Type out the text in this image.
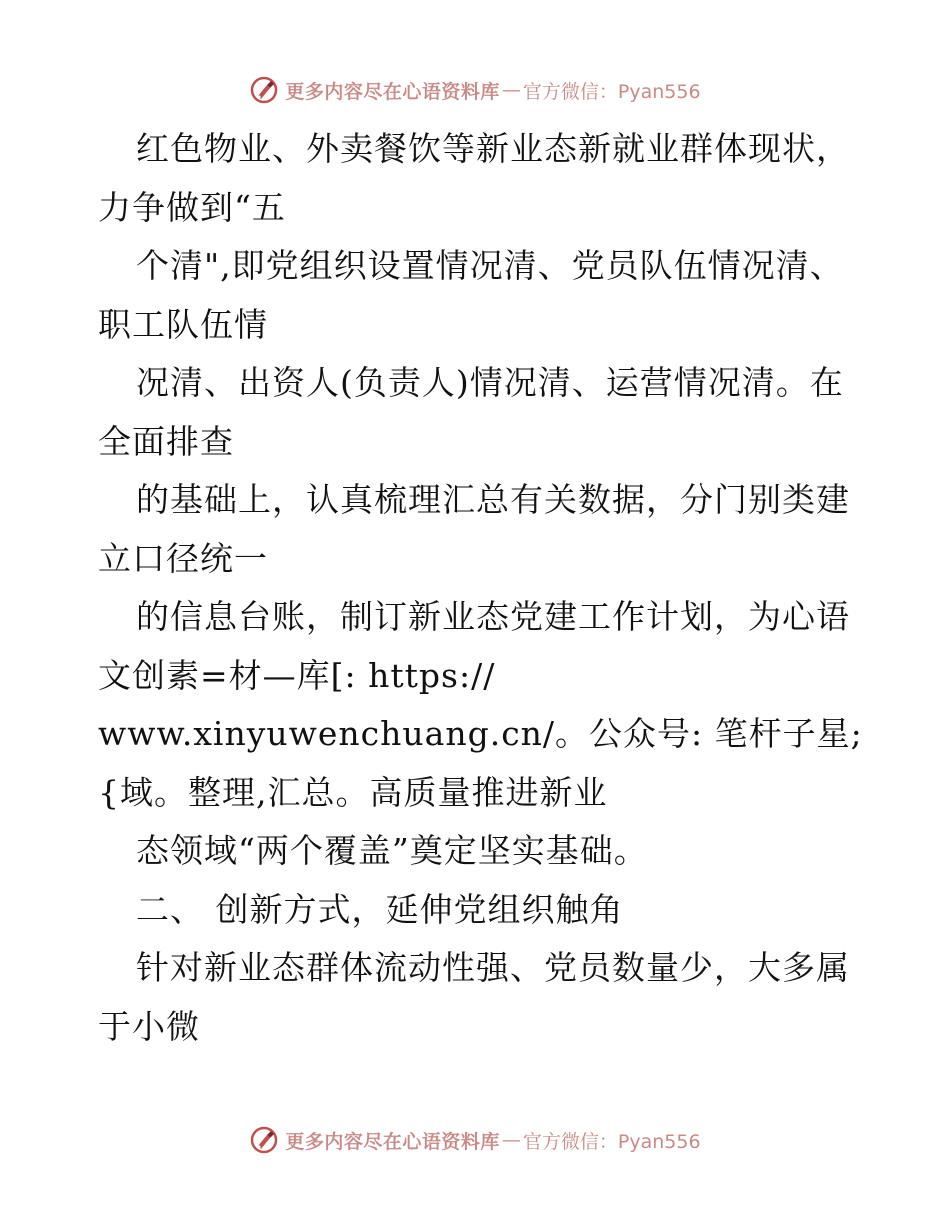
更多内容尽在心语资料库 — 官方微信：Pyan556
红色物业、外卖餐饮等新业态新就业群体现状，
力争做到“五
个清",即党组织设置情况清、党员队伍情况清、
职工队伍情
况清、出资人(负责人)情况清、运营情况清。在
全面排查
的基础上，认真梳理汇总有关数据，分门别类建
立口径统一
的信息台账，制订新业态党建工作计划，为心语
文创素=材—库[: https://
www.xinyuwenchuang.cn/。公众号: 笔杆子星;
{域。整理,汇总。高质量推进新业
态领域“两个覆盖”奠定坚实基础。
二、 创新方式，延伸党组织触角
针对新业态群体流动性强、党员数量少，大多属
于小微
更多内容尽在心语资料库 — 官方微信：Pyan556
